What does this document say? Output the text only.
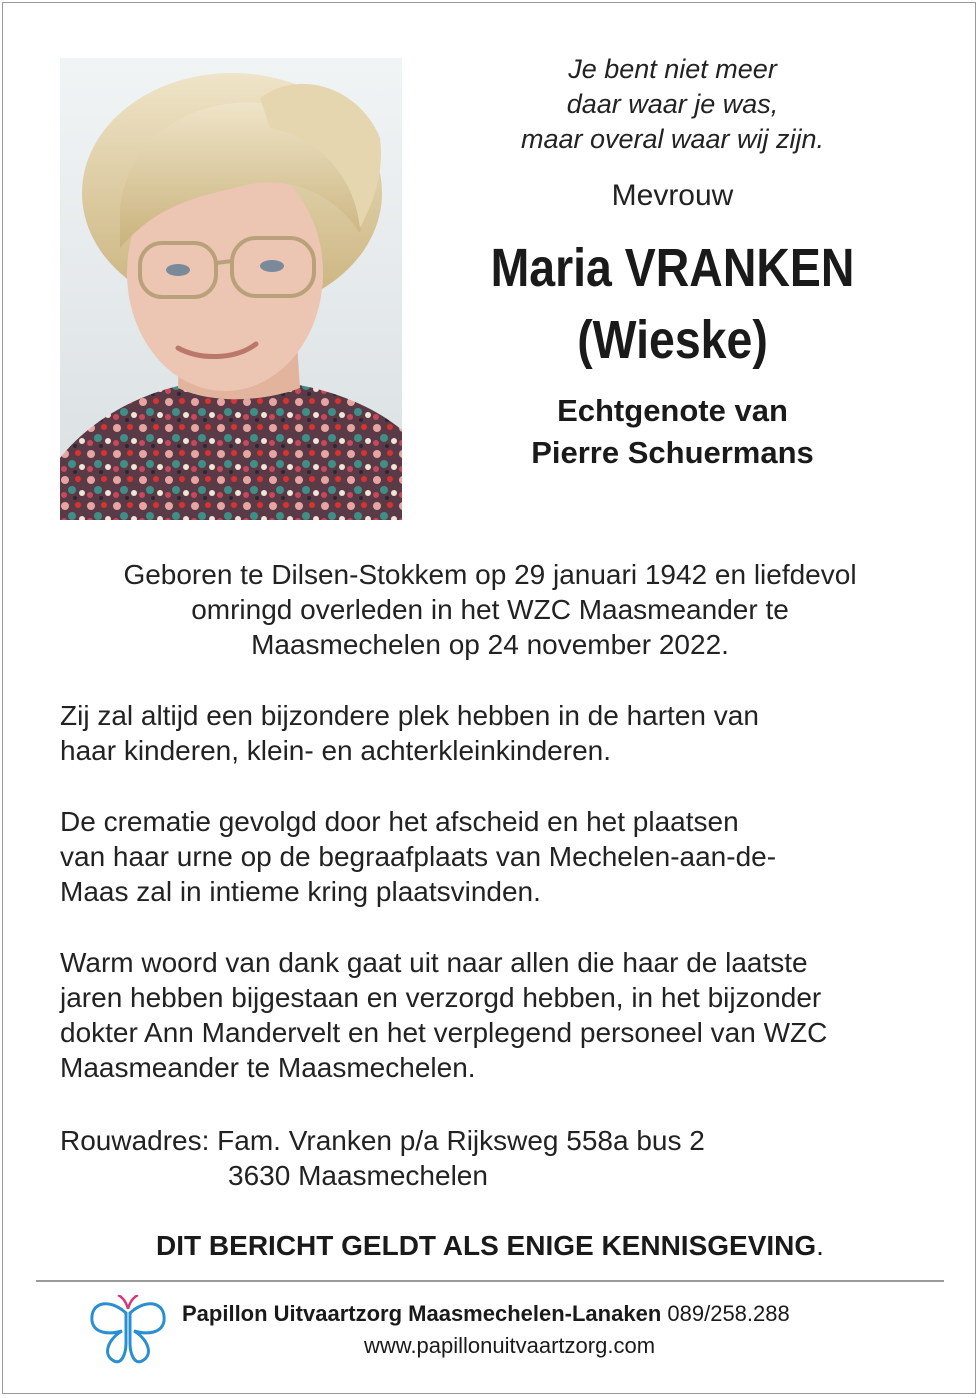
Je bent niet meer
daar waar je was,
maar overal waar wij zijn.
Mevrouw
Maria VRANKEN
(Wieske)
Echtgenote van
Pierre Schuermans
Geboren te Dilsen-Stokkem op 29 januari 1942 en liefdevol
omringd overleden in het WZC Maasmeander te
Maasmechelen op 24 november 2022.
Zij zal altijd een bijzondere plek hebben in de harten van
haar kinderen, klein- en achterkleinkinderen.
De crematie gevolgd door het afscheid en het plaatsen
van haar urne op de begraafplaats van Mechelen-aan-de-
Maas zal in intieme kring plaatsvinden.
Warm woord van dank gaat uit naar allen die haar de laatste
jaren hebben bijgestaan en verzorgd hebben, in het bijzonder
dokter Ann Mandervelt en het verplegend personeel van WZC
Maasmeander te Maasmechelen.
Rouwadres: Fam. Vranken p/a Rijksweg 558a bus 2
3630 Maasmechelen
DIT BERICHT GELDT ALS ENIGE KENNISGEVING.
Papillon Uitvaartzorg Maasmechelen-Lanaken 089/258.288
www.papillonuitvaartzorg.com
